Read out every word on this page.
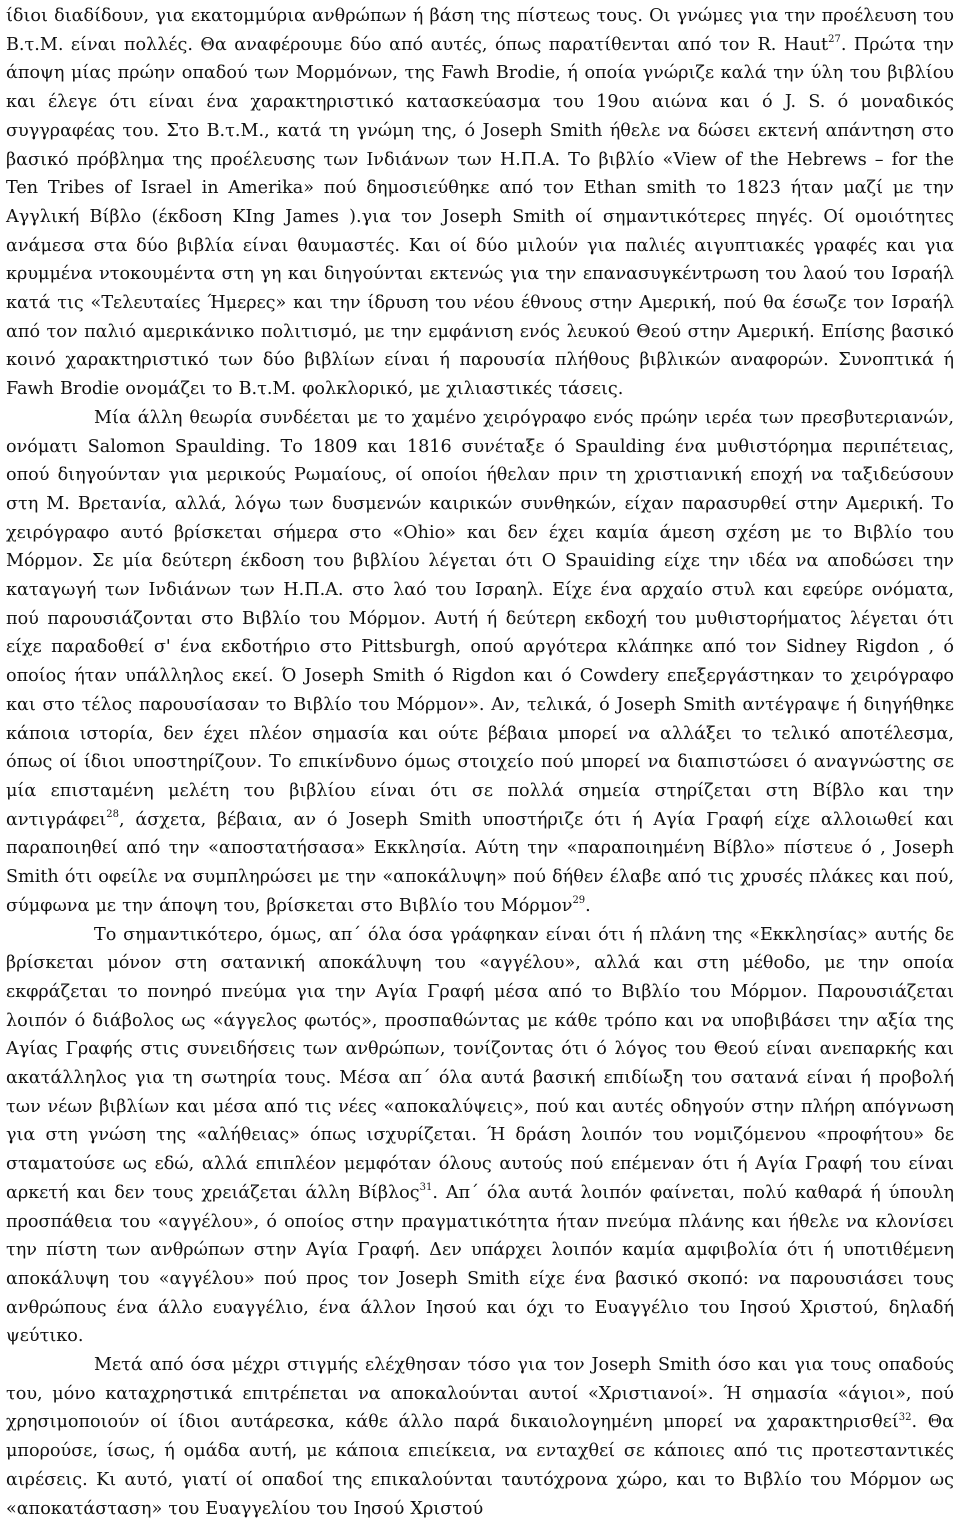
ίδιοι διαδίδουν, για εκατομμύρια ανθρώπων ή βάση της πίστεως τους. Οι γνώμες για την προέλευση του Β.τ.Μ. είναι πολλές. Θα αναφέρουμε δύο από αυτές, όπως παρατίθενται από τον R. Haut$^{27}$. Πρώτα την άποψη μίας πρώην οπαδού των Μορμόνων, της Fawh Brodie, ή οποία γνώριζε καλά την ύλη του βιβλίου και έλεγε ότι είναι ένα χαρακτηριστικό κατασκεύασμα του 19ου αιώνα και ό J. S. ό μοναδικός συγγραφέας του. Στο Β.τ.Μ., κατά τη γνώμη της, ό Joseph Smith ήθελε να δώσει εκτενή απάντηση στο βασικό πρόβλημα της προέλευσης των Ινδιάνων των Η.Π.Α. Το βιβλίο «View of the Hebrews – for the Ten Tribes of Israel in Amerika» πού δημοσιεύθηκε από τον Ethan smith το 1823 ήταν μαζί με την Αγγλική Βίβλο (έκδοση KIng James ).για τον Joseph Smith οί σημαντικότερες πηγές. Οί ομοιότητες ανάμεσα στα δύο βιβλία είναι θαυμαστές. Και οί δύο μιλούν για παλιές αιγυπτιακές γραφές και για κρυμμένα ντοκουμέντα στη γη και διηγούνται εκτενώς για την επανασυγκέντρωση του λαού του Ισραήλ κατά τις «Τελευταίες Ήμερες» και την ίδρυση του νέου έθνους στην Αμερική, πού θα έσωζε τον Ισραήλ από τον παλιό αμερικάνικο πολιτισμό, με την εμφάνιση ενός λευκού Θεού στην Αμερική. Επίσης βασικό κοινό χαρακτηριστικό των δύο βιβλίων είναι ή παρουσία πλήθους βιβλικών αναφορών. Συνοπτικά ή Fawh Brodie ονομάζει το Β.τ.Μ. φολκλορικό, με χιλιαστικές τάσεις.

Μία άλλη θεωρία συνδέεται με το χαμένο χειρόγραφο ενός πρώην ιερέα των πρεσβυτεριανών, ονόματι Salomon Spaulding. Το 1809 και 1816 συνέταξε ό Spaulding ένα μυθιστόρημα περιπέτειας, οπού διηγούνταν για μερικούς Ρωμαίους, οί οποίοι ήθελαν πριν τη χριστιανική εποχή να ταξιδεύσουν στη Μ. Βρετανία, αλλά, λόγω των δυσμενών καιρικών συνθηκών, είχαν παρασυρθεί στην Αμερική. Το χειρόγραφο αυτό βρίσκεται σήμερα στο «Ohio» και δεν έχει καμία άμεση σχέση με το Βιβλίο του Μόρμον. Σε μία δεύτερη έκδοση του βιβλίου λέγεται ότι Ο Spauiding είχε την ιδέα να αποδώσει την καταγωγή των Ινδιάνων των Η.Π.Α. στο λαό του Ισραηλ. Είχε ένα αρχαίο στυλ και εφεύρε ονόματα, πού παρουσιάζονται στο Βιβλίο του Μόρμον. Αυτή ή δεύτερη εκδοχή του μυθιστορήματος λέγεται ότι είχε παραδοθεί σ' ένα εκδοτήριο στο Pittsburgh, οπού αργότερα κλάπηκε από τον Sidney Rigdon , ό οποίος ήταν υπάλληλος εκεί. Ό Joseph Smith ό Rigdon και ό Cowdery επεξεργάστηκαν το χειρόγραφο και στο τέλος παρουσίασαν το Βιβλίο του Μόρμον». Αν, τελικά, ό Joseph Smith αντέγραψε ή διηγήθηκε κάποια ιστορία, δεν έχει πλέον σημασία και ούτε βέβαια μπορεί να αλλάξει το τελικό αποτέλεσμα, όπως οί ίδιοι υποστηρίζουν. Το επικίνδυνο όμως στοιχείο πού μπορεί να διαπιστώσει ό αναγνώστης σε μία επισταμένη μελέτη του βιβλίου είναι ότι σε πολλά σημεία στηρίζεται στη Βίβλο και την αντιγράφει$^{28}$, άσχετα, βέβαια, αν ό Joseph Smith υποστήριζε ότι ή Αγία Γραφή είχε αλλοιωθεί και παραποιηθεί από την «αποστατήσασα» Εκκλησία. Αύτη την «παραποιημένη Βίβλο» πίστευε ό , Joseph Smith ότι οφείλε να συμπληρώσει με την «αποκάλυψη» πού δήθεν έλαβε από τις χρυσές πλάκες και πού, σύμφωνα με την άποψη του, βρίσκεται στο Βιβλίο του Μόρμον$^{29}$.

Το σημαντικότερο, όμως, απ΄ όλα όσα γράφηκαν είναι ότι ή πλάνη της «Εκκλησίας» αυτής δε βρίσκεται μόνον στη σατανική αποκάλυψη του «αγγέλου», αλλά και στη μέθοδο, με την οποία εκφράζεται το πονηρό πνεύμα για την Αγία Γραφή μέσα από το Βιβλίο του Μόρμον. Παρουσιάζεται λοιπόν ό διάβολος ως «άγγελος φωτός», προσπαθώντας με κάθε τρόπο και να υποβιβάσει την αξία της Αγίας Γραφής στις συνειδήσεις των ανθρώπων, τονίζοντας ότι ό λόγος του Θεού είναι ανεπαρκής και ακατάλληλος για τη σωτηρία τους. Μέσα απ΄ όλα αυτά βασική επιδίωξη του σατανά είναι ή προβολή των νέων βιβλίων και μέσα από τις νέες «αποκαλύψεις», πού και αυτές οδηγούν στην πλήρη απόγνωση για στη γνώση της «αλήθειας» όπως ισχυρίζεται. Ή δράση λοιπόν του νομιζόμενου «προφήτου» δε σταματούσε ως εδώ, αλλά επιπλέον μεμφόταν όλους αυτούς πού επέμεναν ότι ή Αγία Γραφή του είναι αρκετή και δεν τους χρειάζεται άλλη Βίβλος$^{31}$. Απ΄ όλα αυτά λοιπόν φαίνεται, πολύ καθαρά ή ύπουλη προσπάθεια του «αγγέλου», ό οποίος στην πραγματικότητα ήταν πνεύμα πλάνης και ήθελε να κλονίσει την πίστη των ανθρώπων στην Αγία Γραφή. Δεν υπάρχει λοιπόν καμία αμφιβολία ότι ή υποτιθέμενη αποκάλυψη του «αγγέλου» πού προς τον Joseph Smith είχε ένα βασικό σκοπό: να παρουσιάσει τους ανθρώπους ένα άλλο ευαγγέλιο, ένα άλλον Ιησού και όχι το Ευαγγέλιο του Ιησού Χριστού, δηλαδή ψεύτικο.

Μετά από όσα μέχρι στιγμής ελέχθησαν τόσο για τον Joseph Smith όσο και για τους οπαδούς του, μόνο καταχρηστικά επιτρέπεται να αποκαλούνται αυτοί «Χριστιανοί». Ή σημασία «άγιοι», πού χρησιμοποιούν οί ίδιοι αυτάρεσκα, κάθε άλλο παρά δικαιολογημένη μπορεί να χαρακτηρισθεί$^{32}$. Θα μπορούσε, ίσως, ή ομάδα αυτή, με κάποια επιείκεια, να ενταχθεί σε κάποιες από τις προτεσταντικές αιρέσεις. Κι αυτό, γιατί οί οπαδοί της επικαλούνται ταυτόχρονα χώρο, και το Βιβλίο του Μόρμον ως «αποκατάσταση» του Ευαγγελίου του Ιησού Χριστού
